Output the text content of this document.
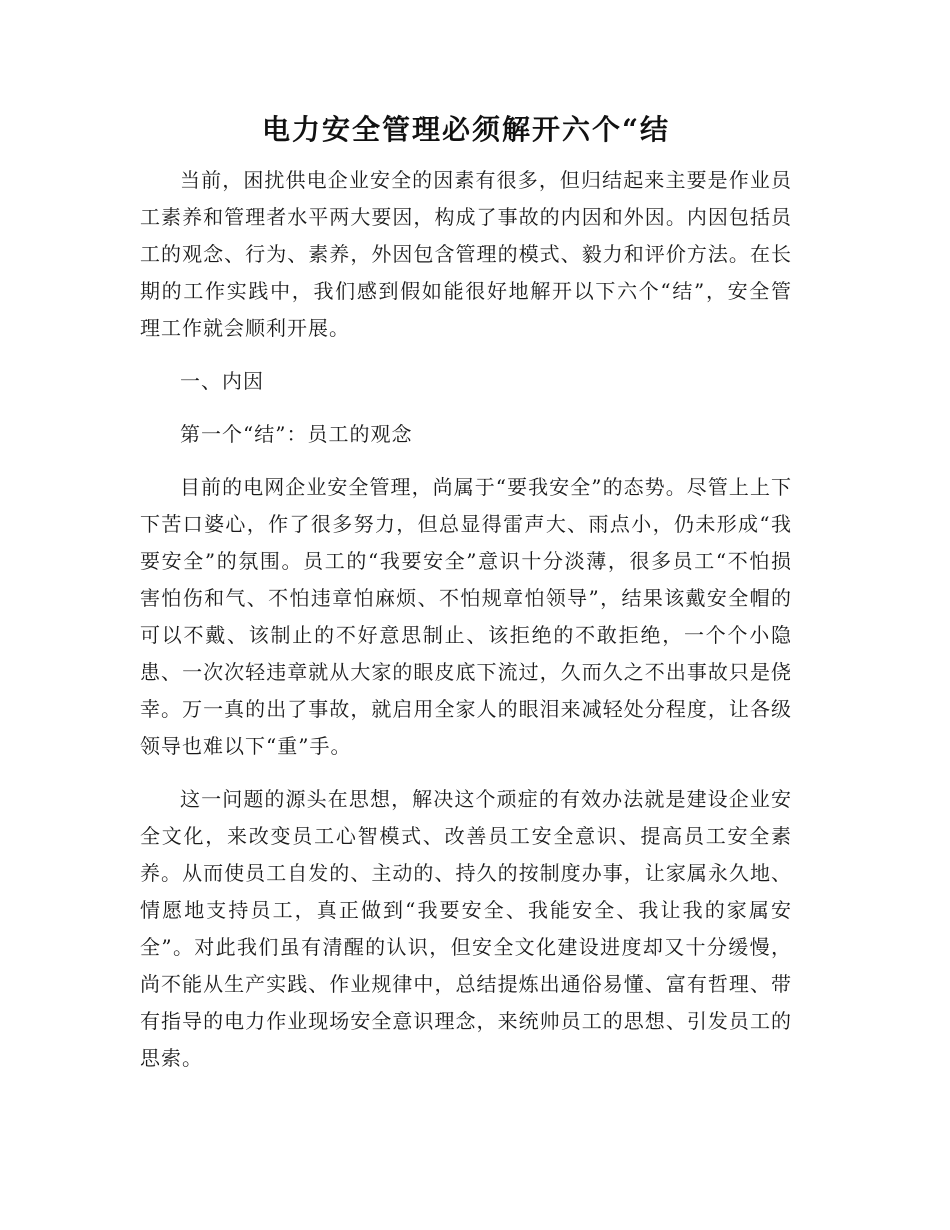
电力安全管理必须解开六个“结

当前，困扰供电企业安全的因素有很多，但归结起来主要是作业员工素养和管理者水平两大要因，构成了事故的内因和外因。内因包括员工的观念、行为、素养，外因包含管理的模式、毅力和评价方法。在长期的工作实践中，我们感到假如能很好地解开以下六个“结”，安全管理工作就会顺利开展。

一、内因

第一个“结”：员工的观念

目前的电网企业安全管理，尚属于“要我安全”的态势。尽管上上下下苦口婆心，作了很多努力，但总显得雷声大、雨点小，仍未形成“我要安全”的氛围。员工的“我要安全”意识十分淡薄，很多员工“不怕损害怕伤和气、不怕违章怕麻烦、不怕规章怕领导”，结果该戴安全帽的可以不戴、该制止的不好意思制止、该拒绝的不敢拒绝，一个个小隐患、一次次轻违章就从大家的眼皮底下流过，久而久之不出事故只是侥幸。万一真的出了事故，就启用全家人的眼泪来减轻处分程度，让各级领导也难以下“重”手。

这一问题的源头在思想，解决这个顽症的有效办法就是建设企业安全文化，来改变员工心智模式、改善员工安全意识、提高员工安全素养。从而使员工自发的、主动的、持久的按制度办事，让家属永久地、情愿地支持员工，真正做到“我要安全、我能安全、我让我的家属安全”。对此我们虽有清醒的认识，但安全文化建设进度却又十分缓慢，尚不能从生产实践、作业规律中，总结提炼出通俗易懂、富有哲理、带有指导的电力作业现场安全意识理念，来统帅员工的思想、引发员工的思索。
